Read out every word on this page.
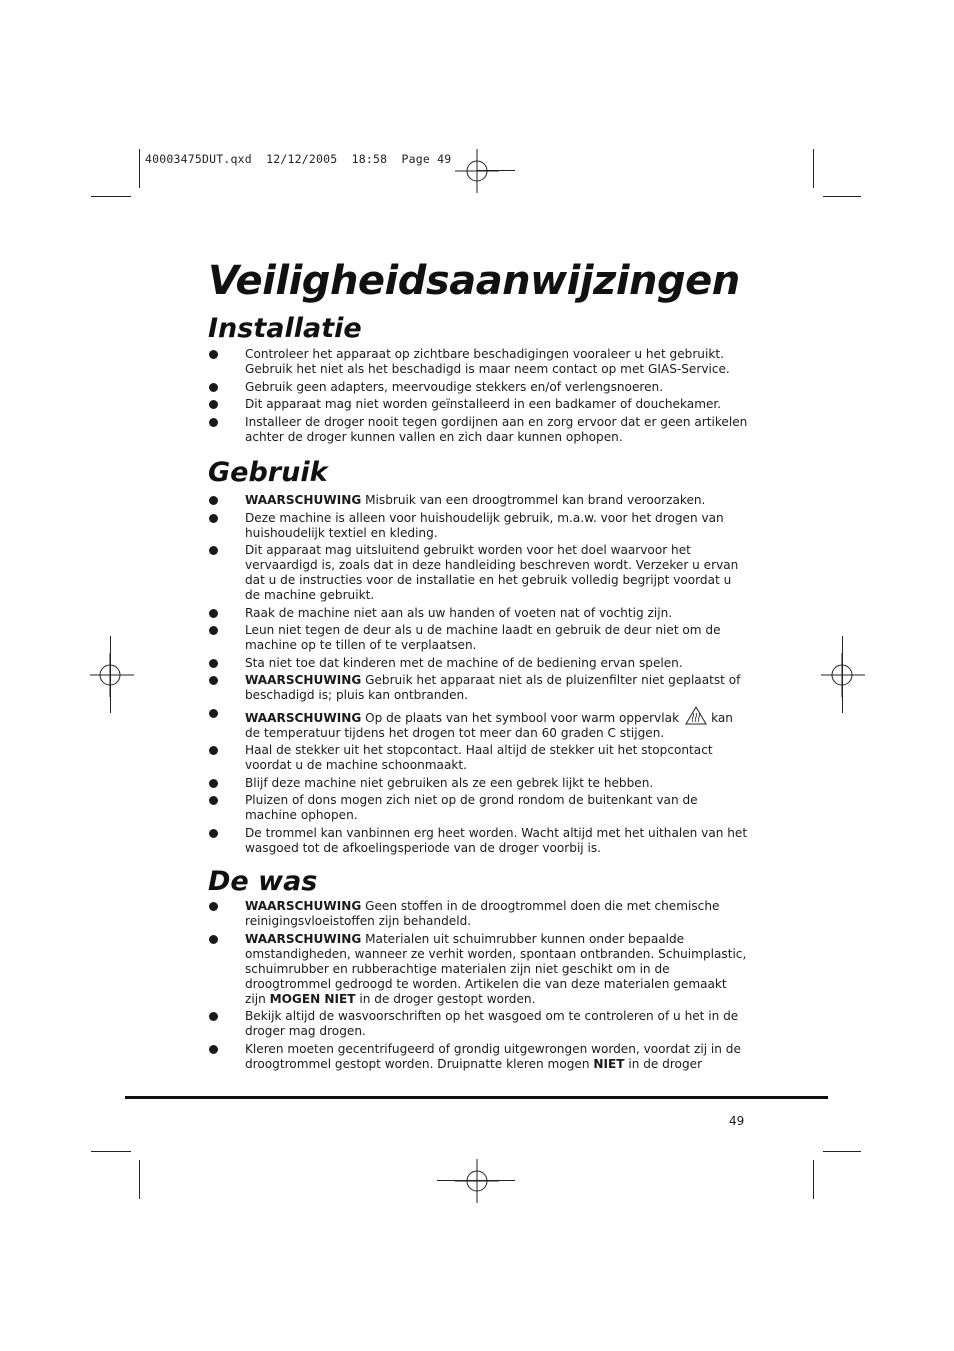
40003475DUT.qxd  12/12/2005  18:58  Page 49
Veiligheidsaanwijzingen
Installatie
Controleer het apparaat op zichtbare beschadigingen vooraleer u het gebruikt. Gebruik het niet als het beschadigd is maar neem contact op met GIAS-Service.
Gebruik geen adapters, meervoudige stekkers en/of verlengsnoeren.
Dit apparaat mag niet worden geïnstalleerd in een badkamer of douchekamer.
Installeer de droger nooit tegen gordijnen aan en zorg ervoor dat er geen artikelen achter de droger kunnen vallen en zich daar kunnen ophopen.
Gebruik
WAARSCHUWING Misbruik van een droogtrommel kan brand veroorzaken.
Deze machine is alleen voor huishoudelijk gebruik, m.a.w. voor het drogen van huishoudelijk textiel en kleding.
Dit apparaat mag uitsluitend gebruikt worden voor het doel waarvoor het vervaardigd is, zoals dat in deze handleiding beschreven wordt. Verzeker u ervan dat u de instructies voor de installatie en het gebruik volledig begrijpt voordat u de machine gebruikt.
Raak de machine niet aan als uw handen of voeten nat of vochtig zijn.
Leun niet tegen de deur als u de machine laadt en gebruik de deur niet om de machine op te tillen of te verplaatsen.
Sta niet toe dat kinderen met de machine of de bediening ervan spelen.
WAARSCHUWING Gebruik het apparaat niet als de pluizenfilter niet geplaatst of beschadigd is; pluis kan ontbranden.
WAARSCHUWING Op de plaats van het symbool voor warm oppervlak	kan de temperatuur tijdens het drogen tot meer dan 60 graden C stijgen.
Haal de stekker uit het stopcontact. Haal altijd de stekker uit het stopcontact voordat u de machine schoonmaakt.
Blijf deze machine niet gebruiken als ze een gebrek lijkt te hebben.
Pluizen of dons mogen zich niet op de grond rondom de buitenkant van de machine ophopen.
De trommel kan vanbinnen erg heet worden. Wacht altijd met het uithalen van het wasgoed tot de afkoelingsperiode van de droger voorbij is.
De was
WAARSCHUWING Geen stoffen in de droogtrommel doen die met chemische reinigingsvloeistoffen zijn behandeld.
WAARSCHUWING Materialen uit schuimrubber kunnen onder bepaalde omstandigheden, wanneer ze verhit worden, spontaan ontbranden. Schuimplastic, schuimrubber en rubberachtige materialen zijn niet geschikt om in de droogtrommel gedroogd te worden. Artikelen die van deze materialen gemaakt zijn MOGEN NIET in de droger gestopt worden.
Bekijk altijd de wasvoorschriften op het wasgoed om te controleren of u het in de droger mag drogen.
Kleren moeten gecentrifugeerd of grondig uitgewrongen worden, voordat zij in de droogtrommel gestopt worden. Druipnatte kleren mogen NIET in de droger
49
